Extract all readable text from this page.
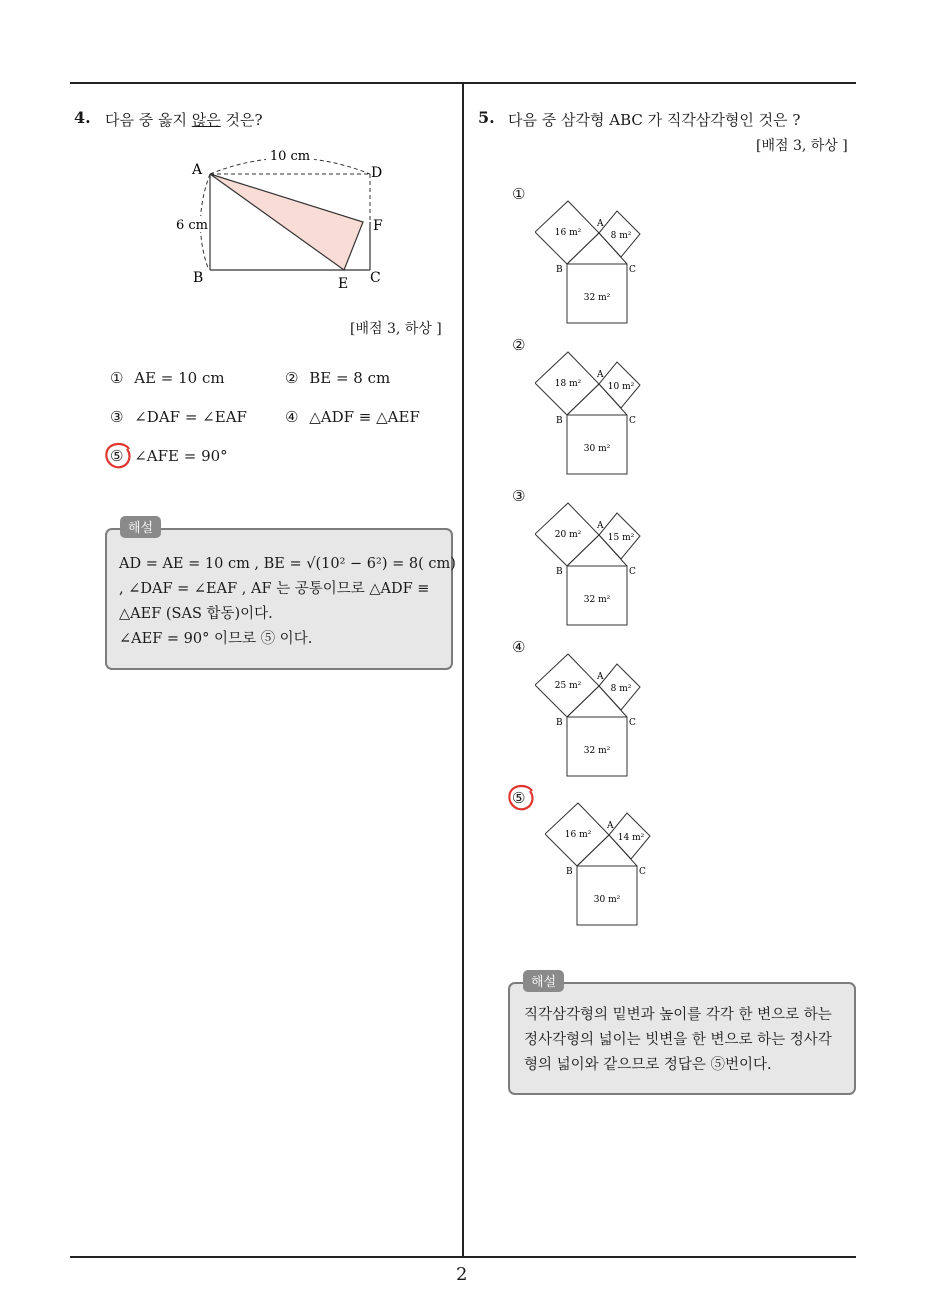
4. 다음 중 옳지 않은 것은?
10 cm
6 cm
A	D
F
B	E C
[배점 3, 하상 ]
① AE = 10 cm	② BE = 8 cm
③ ∠DAF = ∠EAF	④ △ADF ≡ △AEF
⑤ ∠AFE = 90°
AD = AE = 10 cm , BE = √(10² − 6²) = 8( cm)
, ∠DAF = ∠EAF , AF 는 공통이므로 △ADF ≡
△AEF (SAS 합동)이다.
∠AEF = 90° 이므로 ⑤ 이다.
해설
5. 다음 중 삼각형 ABC 가 직각삼각형인 것은 ?
[배점 3, 하상 ]
①
16 m²	8 m²
32 m²
A
B	C
②
18 m²	10 m²
30 m²
A
B	C
③
20 m²	15 m²
32 m²
A
B	C
④
25 m²	8 m²
32 m²
A
B	C
⑤
16 m²	14 m²
30 m²
A
B	C
직각삼각형의 밑변과 높이를 각각 한 변으로 하는
정사각형의 넓이는 빗변을 한 변으로 하는 정사각
형의 넓이와 같으므로 정답은 ⑤번이다.
해설
2
